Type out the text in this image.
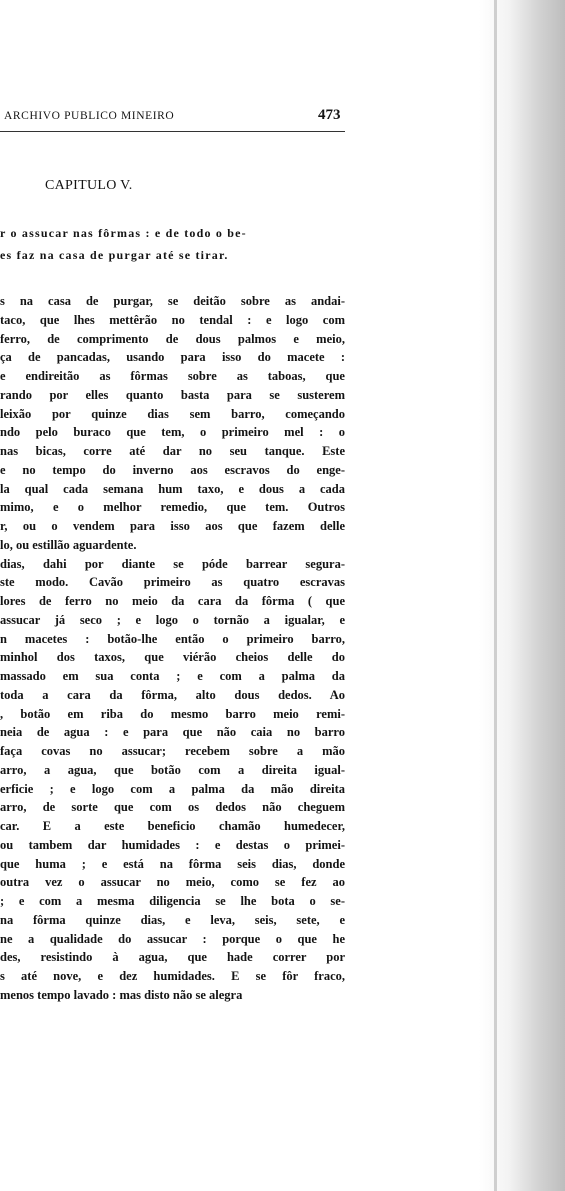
ARCHIVO PUBLICO MINEIRO	473
CAPITULO V.
r o assucar nas fôrmas : e de todo o be-
es faz na casa de purgar até se tirar.
s na casa de purgar, se deitão sobre as andai-
taco, que lhes mettêrão no tendal : e logo com
ferro, de comprimento de dous palmos e meio,
ça de pancadas, usando para isso do macete :
e endireitão as fôrmas sobre as taboas, que
rando por elles quanto basta para se susterem
leixão por quinze dias sem barro, começando
ndo pelo buraco que tem, o primeiro mel : o
nas bicas, corre até dar no seu tanque. Este
e no tempo do inverno aos escravos do enge-
la qual cada semana hum taxo, e dous a cada
mimo, e o melhor remedio, que tem. Outros
r, ou o vendem para isso aos que fazem delle
lo, ou estillão aguardente.
dias, dahi por diante se póde barrear segura-
ste modo. Cavão primeiro as quatro escravas
lores de ferro no meio da cara da fôrma ( que
assucar já seco ; e logo o tornão a igualar, e
n macetes : botão-lhe então o primeiro barro,
minhol dos taxos, que viérão cheios delle do
massado em sua conta ; e com a palma da
toda a cara da fôrma, alto dous dedos. Ao
, botão em riba do mesmo barro meio remi-
neia de agua : e para que não caia no barro
faça covas no assucar; recebem sobre a mão
arro, a agua, que botão com a direita igual-
erficie ; e logo com a palma da mão direita
arro, de sorte que com os dedos não cheguem
car. E a este beneficio chamão humedecer,
ou tambem dar humidades : e destas o primei-
que huma ; e está na fôrma seis dias, donde
outra vez o assucar no meio, como se fez ao
; e com a mesma diligencia se lhe bota o se-
na fôrma quinze dias, e leva, seis, sete, e
ne a qualidade do assucar : porque o que he
des, resistindo à agua, que hade correr por
s até nove, e dez humidades. E se fôr fraco,
menos tempo lavado : mas disto não se alegra
